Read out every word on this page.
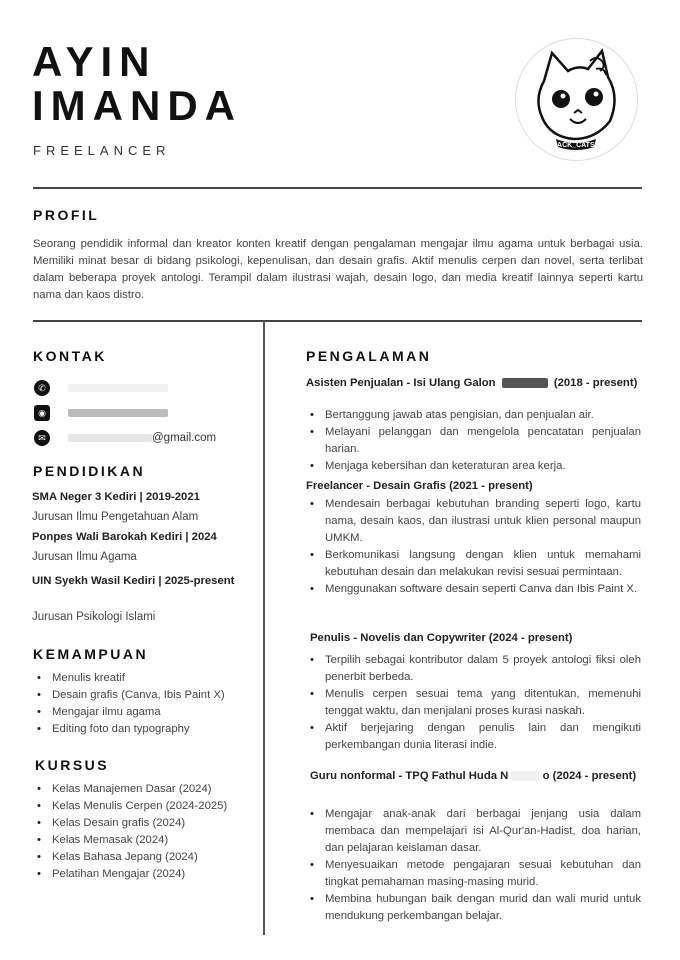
AYIN
IMANDA
FREELANCER	BLACK_CATS364
PROFIL
Seorang pendidik informal dan kreator konten kreatif dengan pengalaman mengajar ilmu agama untuk berbagai usia. Memiliki minat besar di bidang psikologi, kepenulisan, dan desain grafis. Aktif menulis cerpen dan novel, serta terlibat dalam beberapa proyek antologi. Terampil dalam ilustrasi wajah, desain logo, dan media kreatif lainnya seperti kartu nama dan kaos distro.
KONTAK
✆
◉
✉	@gmail.com
PENDIDIKAN
SMA Neger 3 Kediri | 2019-2021
Jurusan Ilmu Pengetahuan Alam
Ponpes Wali Barokah Kediri | 2024
Jurusan Ilmu Agama
UIN Syekh Wasil Kediri | 2025-present
Jurusan Psikologi Islami
KEMAMPUAN
• Menulis kreatif
• Desain grafis (Canva, Ibis Paint X)
• Mengajar ilmu agama
• Editing foto dan typography
KURSUS
• Kelas Manajemen Dasar (2024)
• Kelas Menulis Cerpen (2024-2025)
• Kelas Desain grafis (2024)
• Kelas Memasak (2024)
• Kelas Bahasa Jepang (2024)
• Pelatihan Mengajar (2024)
PENGALAMAN
Asisten Penjualan - Isi Ulang Galon	(2018 - present)
• Bertanggung jawab atas pengisian, dan penjualan air.
• Melayani pelanggan dan mengelola pencatatan penjualan harian.
• Menjaga kebersihan dan keteraturan area kerja.
Freelancer - Desain Grafis (2021 - present)
• Mendesain berbagai kebutuhan branding seperti logo, kartu nama, desain kaos, dan ilustrasi untuk klien personal maupun UMKM.
• Berkomunikasi langsung dengan klien untuk memahami kebutuhan desain dan melakukan revisi sesuai permintaan.
• Menggunakan software desain seperti Canva dan Ibis Paint X.
Penulis - Novelis dan Copywriter (2024 - present)
• Terpilih sebagai kontributor dalam 5 proyek antologi fiksi oleh penerbit berbeda.
• Menulis cerpen sesuai tema yang ditentukan, memenuhi tenggat waktu, dan menjalani proses kurasi naskah.
• Aktif berjejaring dengan penulis lain dan mengikuti perkembangan dunia literasi indie.
Guru nonformal - TPQ Fathul Huda N	o (2024 - present)
• Mengajar anak-anak dari berbagai jenjang usia dalam membaca dan mempelajari isi Al-Qur'an-Hadist, doa harian, dan pelajaran keislaman dasar.
• Menyesuaikan metode pengajaran sesuai kebutuhan dan tingkat pemahaman masing-masing murid.
• Membina hubungan baik dengan murid dan wali murid untuk mendukung perkembangan belajar.
